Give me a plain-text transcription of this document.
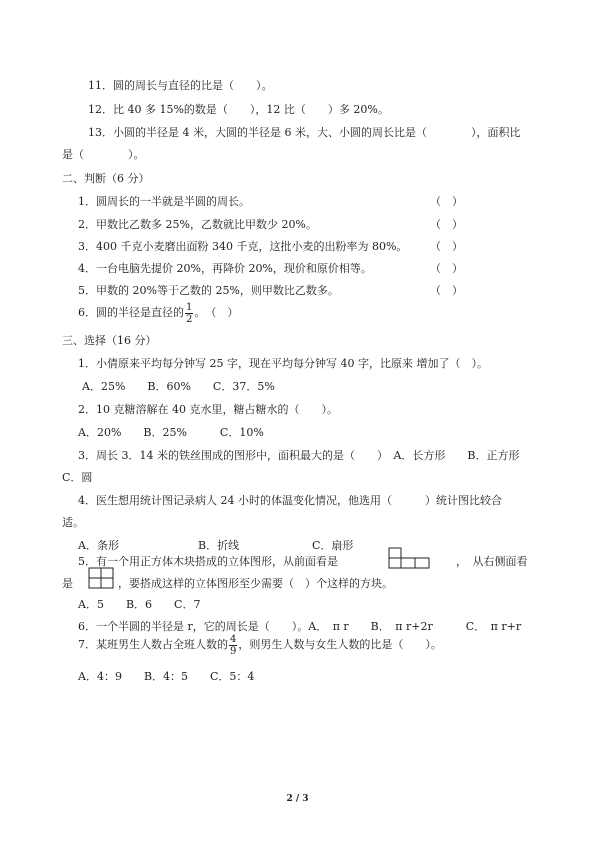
11．圆的周长与直径的比是（　　）。
12．比 40 多 15%的数是（　　），12 比（　　）多 20%。
13．小圆的半径是 4 米，大圆的半径是 6 米，大、小圆的周长比是（　　　　），面积比
是（　　　　）。
二、判断（6 分）
1．圆周长的一半就是半圆的周长。	（　）
2．甲数比乙数多 25%，乙数就比甲数少 20%。	（　）
3．400 千克小麦磨出面粉 340 千克，这批小麦的出粉率为 80%。 （　）
4．一台电脑先提价 20%，再降价 20%，现价和原价相等。	（　）
5．甲数的 20%等于乙数的 25%，则甲数比乙数多。	（　）
6．圆的半径是直径的 $\frac{1}{2}$ 。　（　）
三、选择（16 分）
1．小倩原来平均每分钟写 25 字，现在平均每分钟写 40 字，比原来 增加了（　）。
A．25%　　B．60%　　C．37．5%
2．10 克糖溶解在 40 克水里，糖占糖水的（　　）。
A．20%　　B．25%　　　C．10%
3．周长 3．14 米的铁丝围成的图形中，面积最大的是（　　）　A．长方形　　B．正方形
C．圆
4．医生想用统计图记录病人 24 小时的体温变化情况，他选用（　　　）统计图比较合
适。
A．条形	B．折线	C．扇形
5．有一个用正方体木块搭成的立体图形，从前面看是	，　从右侧面看
是	，要搭成这样的立体图形至少需要（　）个这样的方块。
A．5　　B．6　　C．7
6．一个半圆的半径是 r，它的周长是（　　）。A．　π r　　B．　π r+2r　　　C．　π r+r
7．某班男生人数占全班人数的 $\frac{4}{9}$ ，则男生人数与女生人数的比是（　　）。
A．4：9　　B．4：5　　C．5：4
2 / 3
